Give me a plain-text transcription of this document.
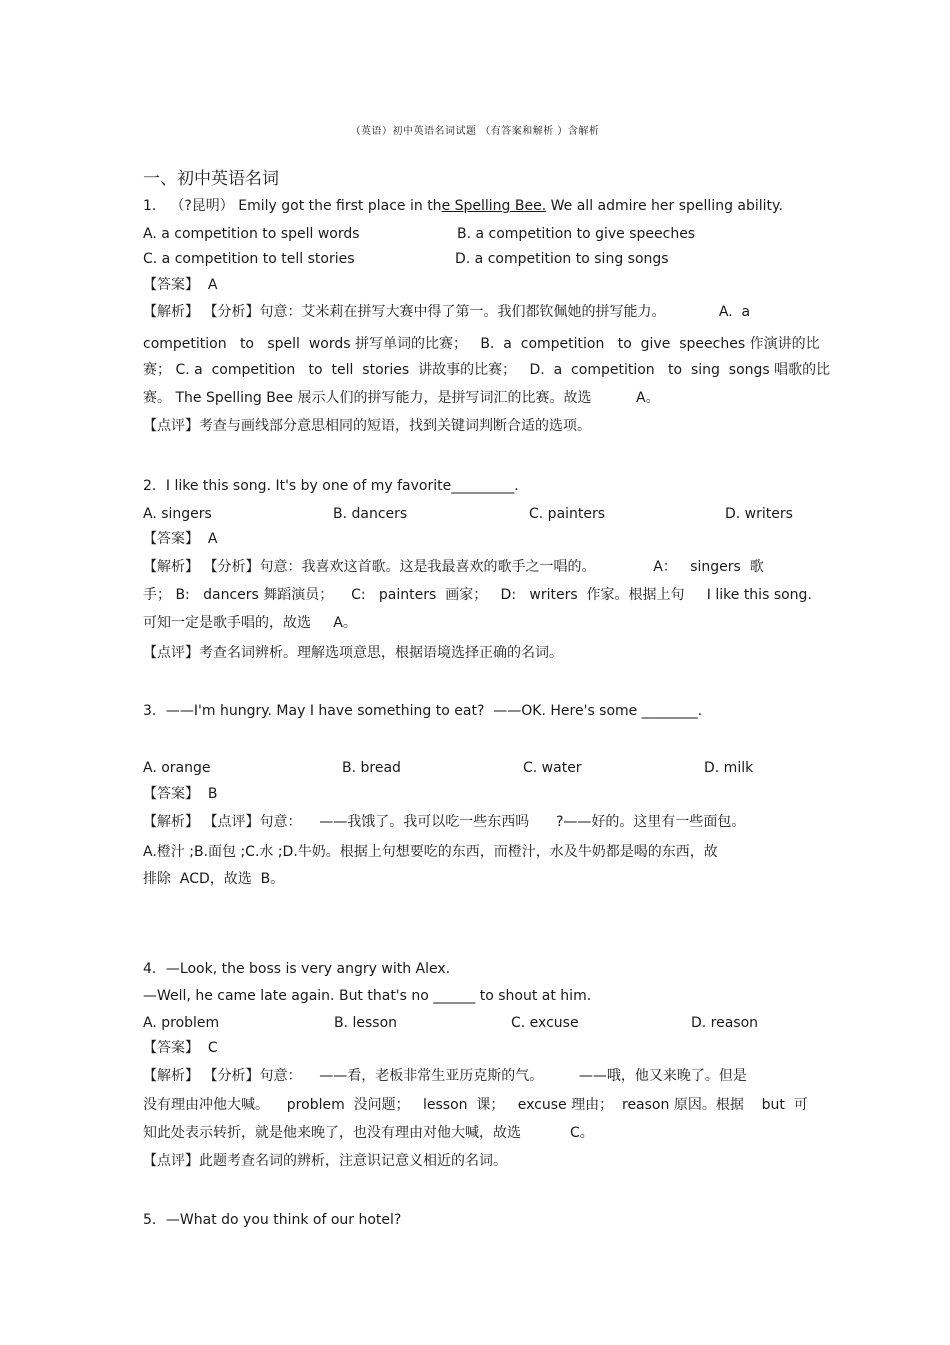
（英语）初中英语名词试题 （有答案和解析 ）含解析
一、初中英语名词
1． （?昆明） Emily got the first place in the Spelling Bee. We all admire her spelling ability.
A. a competition to spell words	B. a competition to give speeches
C. a competition to tell stories	D. a competition to sing songs
【答案】  A
【解析】 【分析】句意：艾米莉在拼写大赛中得了第一。我们都钦佩她的拼写能力。            A.  a
competition   to   spell  words 拼写单词的比赛；   B.  a  competition   to  give  speeches 作演讲的比
赛； C. a  competition   to  tell  stories  讲故事的比赛；   D.  a  competition   to  sing  songs 唱歌的比
赛。 The Spelling Bee 展示人们的拼写能力，是拼写词汇的比赛。故选          A。
【点评】考查与画线部分意思相同的短语，找到关键词判断合适的选项。
2．I like this song. It's by one of my favorite_________.
A. singers	B. dancers	C. painters	D. writers
【答案】  A
【解析】 【分析】句意：我喜欢这首歌。这是我最喜欢的歌手之一唱的。             A：   singers  歌
手； B:   dancers 舞蹈演员；    C:   painters  画家；   D:   writers  作家。根据上句     I like this song.
可知一定是歌手唱的，故选     A。
【点评】考查名词辨析。理解选项意思，根据语境选择正确的名词。
3．——I'm hungry. May I have something to eat?  ——OK. Here's some ________.
A. orange	B. bread	C. water	D. milk
【答案】  B
【解析】 【点评】句意：    ——我饿了。我可以吃一些东西吗      ?——好的。这里有一些面包。
A.橙汁 ;B.面包 ;C.水 ;D.牛奶。根据上句想要吃的东西，而橙汁，水及牛奶都是喝的东西，故
排除  ACD，故选  B。
4．—Look, the boss is very angry with Alex.
—Well, he came late again. But that's no ______ to shout at him.
A. problem	B. lesson	C. excuse	D. reason
【答案】  C
【解析】 【分析】句意：    ——看，老板非常生亚历克斯的气。        ——哦，他又来晚了。但是
没有理由冲他大喊。    problem  没问题；   lesson  课；   excuse 理由；  reason 原因。根据    but  可
知此处表示转折，就是他来晚了，也没有理由对他大喊，故选           C。
【点评】此题考查名词的辨析，注意识记意义相近的名词。
5．—What do you think of our hotel?
